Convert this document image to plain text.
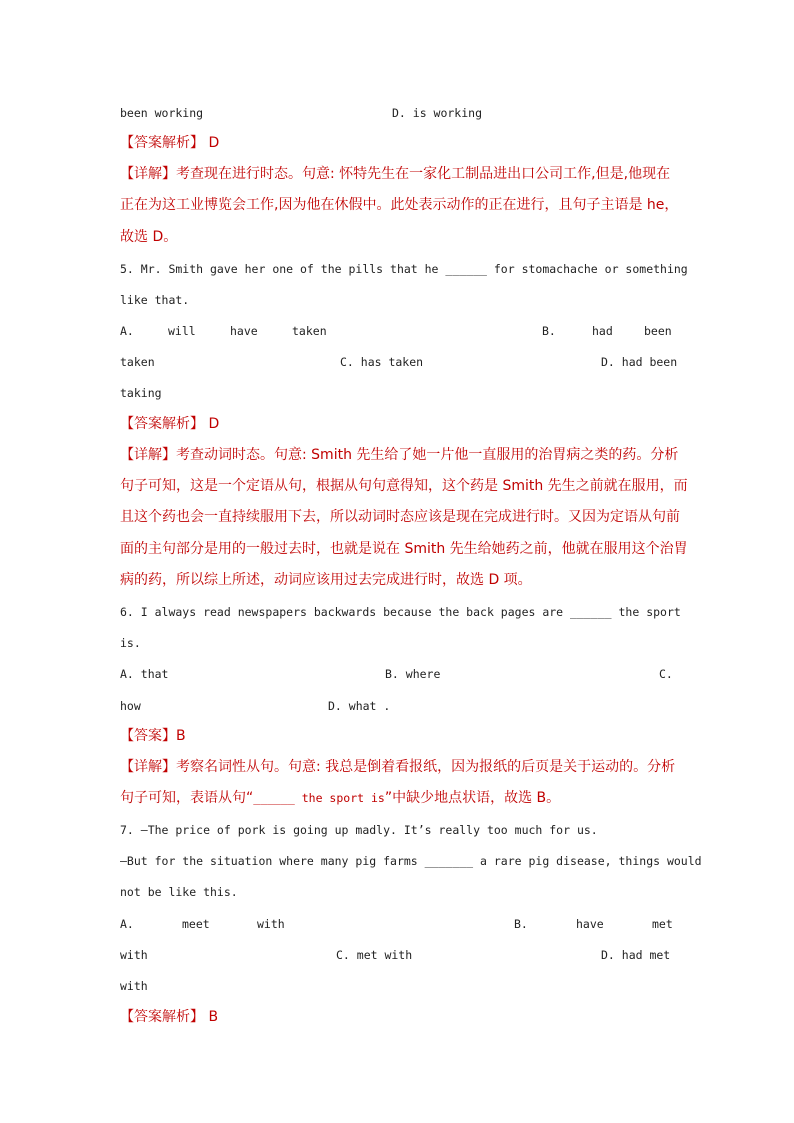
been working	D. is working
【答案解析】 D
【详解】考查现在进行时态。句意: 怀特先生在一家化工制品进出口公司工作,但是,他现在
正在为这工业博览会工作,因为他在休假中。此处表示动作的正在进行，且句子主语是 he，
故选 D。
5. Mr. Smith gave her one of the pills that he ______ for stomachache or something
like that.
A.	will	have	taken	B.	had	been
taken	C. has taken	D. had been
taking
【答案解析】 D
【详解】考查动词时态。句意: Smith 先生给了她一片他一直服用的治胃病之类的药。分析
句子可知，这是一个定语从句，根据从句句意得知，这个药是 Smith 先生之前就在服用，而
且这个药也会一直持续服用下去，所以动词时态应该是现在完成进行时。又因为定语从句前
面的主句部分是用的一般过去时，也就是说在 Smith 先生给她药之前，他就在服用这个治胃
病的药，所以综上所述，动词应该用过去完成进行时，故选 D 项。
6. I always read newspapers backwards because the back pages are ______ the sport
is.
A. that	B. where	C.
how	D. what .
【答案】B
【详解】考察名词性从句。句意: 我总是倒着看报纸，因为报纸的后页是关于运动的。分析
句子可知，表语从句“______ the sport is”中缺少地点状语，故选 B。
7. —The price of pork is going up madly. It’s really too much for us.
—But for the situation where many pig farms _______ a rare pig disease, things would
not be like this.
A.	meet	with	B.	have	met
with	C. met with	D. had met
with
【答案解析】 B
